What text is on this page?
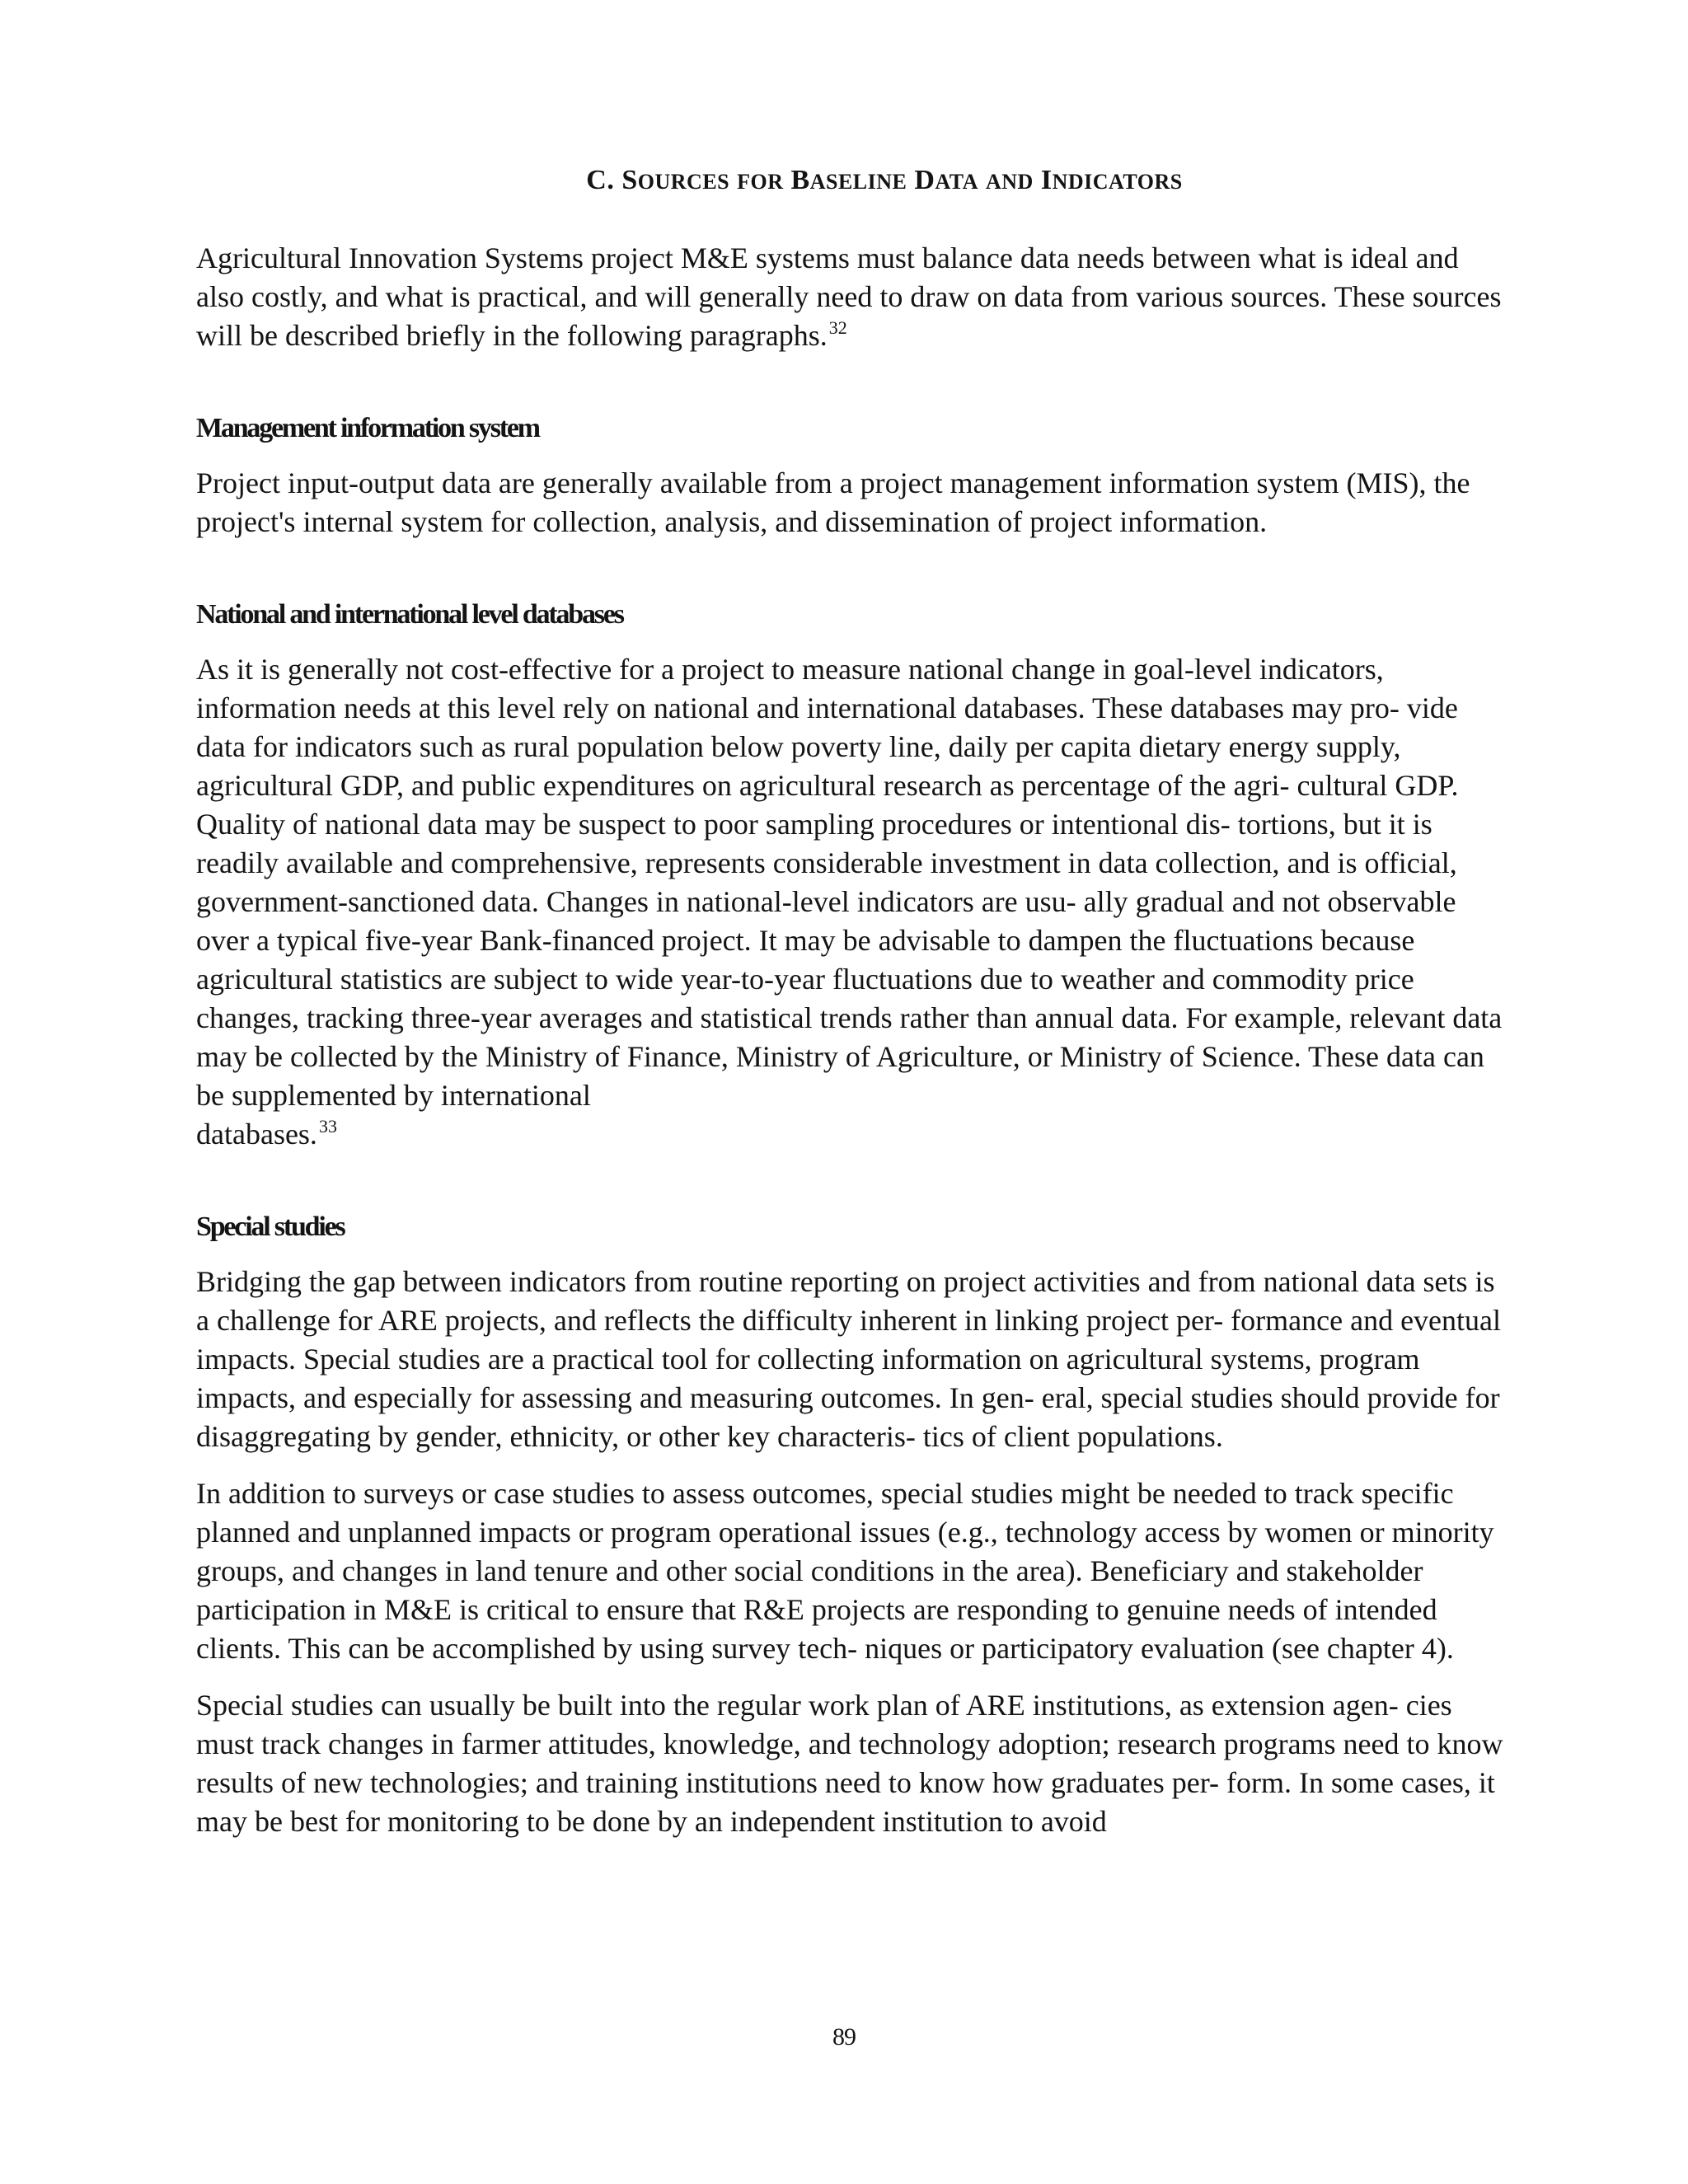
C. SOURCES FOR BASELINE DATA AND INDICATORS

Agricultural Innovation Systems project M&E systems must balance data needs between what is ideal and also costly, and what is practical, and will generally need to draw on data from various sources. These sources will be described briefly in the following paragraphs.$^{32}$

Management information system

Project input-output data are generally available from a project management information system (MIS), the project's internal system for collection, analysis, and dissemination of project information.

National and international level databases

As it is generally not cost-effective for a project to measure national change in goal-level indicators, information needs at this level rely on national and international databases. These databases may pro- vide data for indicators such as rural population below poverty line, daily per capita dietary energy supply, agricultural GDP, and public expenditures on agricultural research as percentage of the agri- cultural GDP. Quality of national data may be suspect to poor sampling procedures or intentional dis- tortions, but it is readily available and comprehensive, represents considerable investment in data collection, and is official, government-sanctioned data. Changes in national-level indicators are usu- ally gradual and not observable over a typical five-year Bank-financed project. It may be advisable to dampen the fluctuations because agricultural statistics are subject to wide year-to-year fluctuations due to weather and commodity price changes, tracking three-year averages and statistical trends rather than annual data. For example, relevant data may be collected by the Ministry of Finance, Ministry of Agriculture, or Ministry of Science. These data can be supplemented by international
databases.$^{33}$

Special studies

Bridging the gap between indicators from routine reporting on project activities and from national data sets is a challenge for ARE projects, and reflects the difficulty inherent in linking project per- formance and eventual impacts. Special studies are a practical tool for collecting information on agricultural systems, program impacts, and especially for assessing and measuring outcomes. In gen- eral, special studies should provide for disaggregating by gender, ethnicity, or other key characteris- tics of client populations.

In addition to surveys or case studies to assess outcomes, special studies might be needed to track specific planned and unplanned impacts or program operational issues (e.g., technology access by women or minority groups, and changes in land tenure and other social conditions in the area). Beneficiary and stakeholder participation in M&E is critical to ensure that R&E projects are responding to genuine needs of intended clients. This can be accomplished by using survey tech- niques or participatory evaluation (see chapter 4).

Special studies can usually be built into the regular work plan of ARE institutions, as extension agen- cies must track changes in farmer attitudes, knowledge, and technology adoption; research programs need to know results of new technologies; and training institutions need to know how graduates per- form. In some cases, it may be best for monitoring to be done by an independent institution to avoid

89
